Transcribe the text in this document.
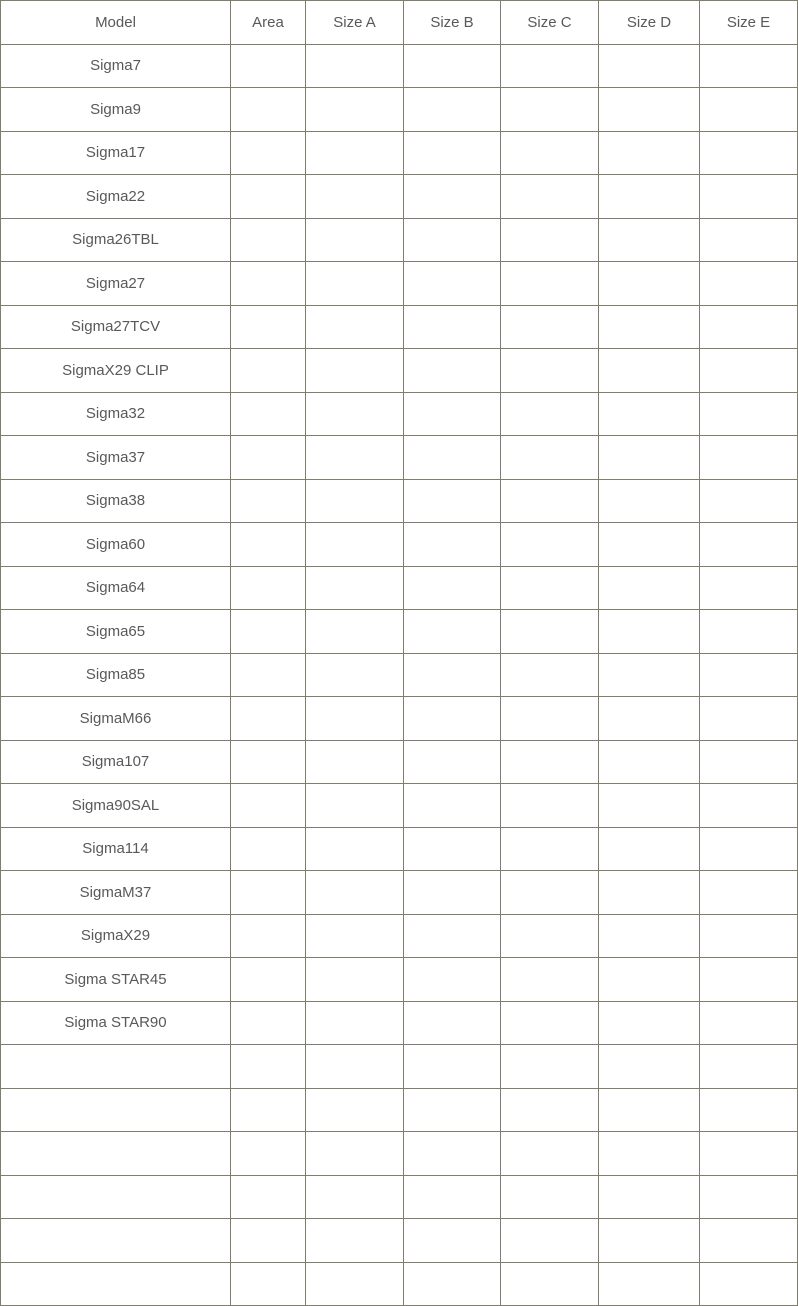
Model	Area	Size A	Size B	Size C	Size D	Size E
Sigma7						
Sigma9						
Sigma17						
Sigma22						
Sigma26TBL						
Sigma27						
Sigma27TCV						
SigmaX29 CLIP						
Sigma32						
Sigma37						
Sigma38						
Sigma60						
Sigma64						
Sigma65						
Sigma85						
SigmaM66						
Sigma107						
Sigma90SAL						
Sigma114						
SigmaM37						
SigmaX29						
Sigma STAR45						
Sigma STAR90						
